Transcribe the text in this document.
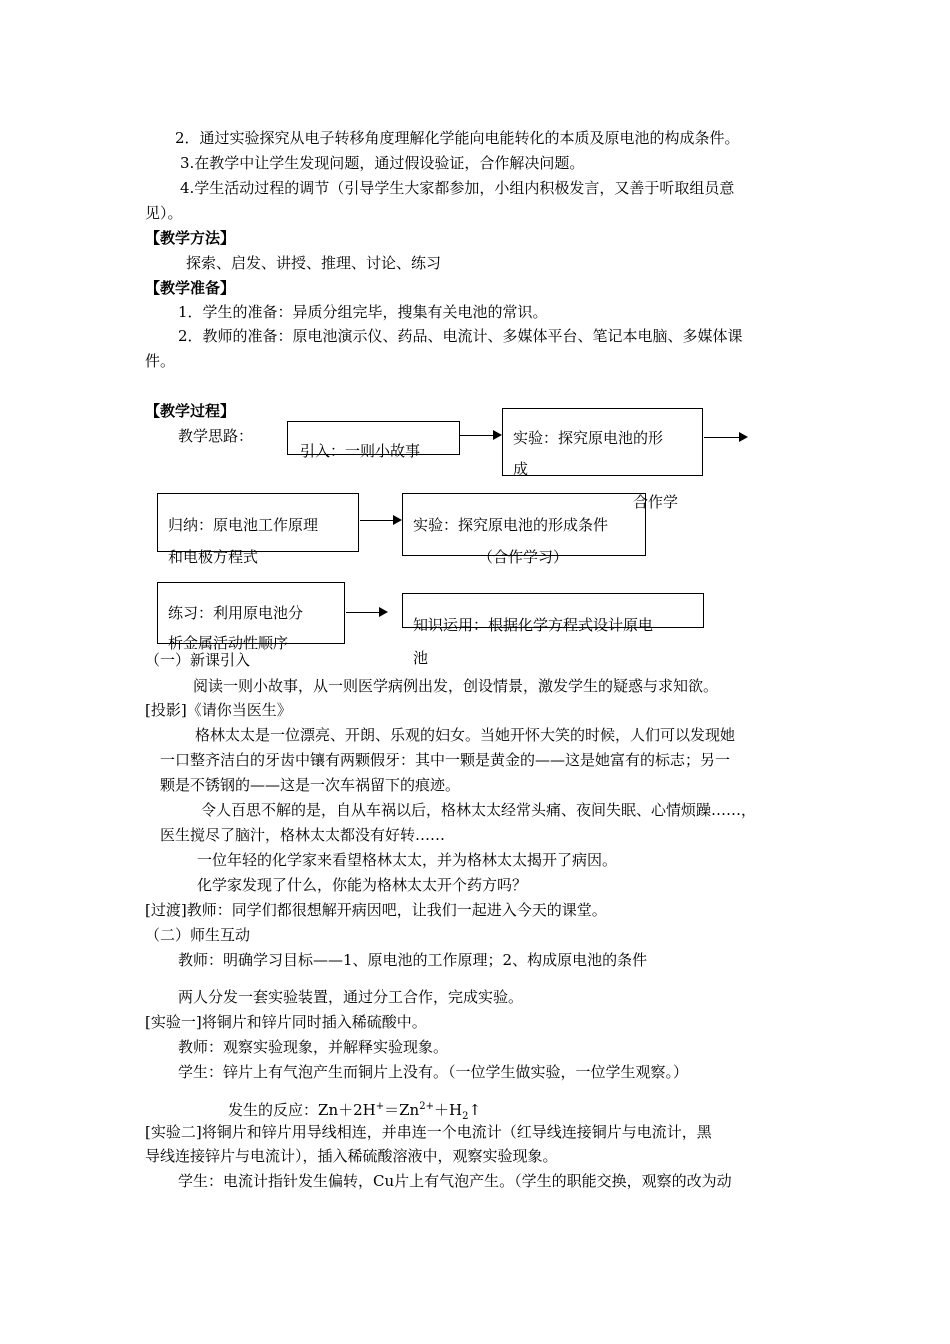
2．通过实验探究从电子转移角度理解化学能向电能转化的本质及原电池的构成条件。
3.在教学中让学生发现问题，通过假设验证，合作解决问题。
4.学生活动过程的调节（引导学生大家都参加，小组内积极发言，又善于听取组员意
见）。
【教学方法】
探索、启发、讲授、推理、讨论、练习
【教学准备】
1．学生的准备：异质分组完毕，搜集有关电池的常识。
2．教师的准备：原电池演示仪、药品、电流计、多媒体平台、笔记本电脑、多媒体课
件。
【教学过程】
教学思路：
引入：一则小故事
实验：探究原电池的形
成
合作学
归纳：原电池工作原理
和电极方程式
实验：探究原电池的形成条件
（合作学习）
练习：利用原电池分
析金属活动性顺序
知识运用：根据化学方程式设计原电
池
（一）新课引入
阅读一则小故事，从一则医学病例出发，创设情景，激发学生的疑惑与求知欲。
[投影]《请你当医生》
格林太太是一位漂亮、开朗、乐观的妇女。当她开怀大笑的时候，人们可以发现她
一口整齐洁白的牙齿中镶有两颗假牙：其中一颗是黄金的——这是她富有的标志；另一
颗是不锈钢的——这是一次车祸留下的痕迹。
令人百思不解的是，自从车祸以后，格林太太经常头痛、夜间失眠、心情烦躁……，
医生搅尽了脑汁，格林太太都没有好转……
一位年轻的化学家来看望格林太太，并为格林太太揭开了病因。
化学家发现了什么，你能为格林太太开个药方吗？
[过渡]教师：同学们都很想解开病因吧，让我们一起进入今天的课堂。
（二）师生互动
教师：明确学习目标——1、原电池的工作原理；2、构成原电池的条件
两人分发一套实验装置，通过分工合作，完成实验。
[实验一]将铜片和锌片同时插入稀硫酸中。
教师：观察实验现象，并解释实验现象。
学生：锌片上有气泡产生而铜片上没有。（一位学生做实验，一位学生观察。）
发生的反应：$Zn+2H^+=Zn^{2+}+H_2↑$
[实验二]将铜片和锌片用导线相连，并串连一个电流计（红导线连接铜片与电流计，黑
导线连接锌片与电流计），插入稀硫酸溶液中，观察实验现象。
学生：电流计指针发生偏转，Cu片上有气泡产生。（学生的职能交换，观察的改为动
